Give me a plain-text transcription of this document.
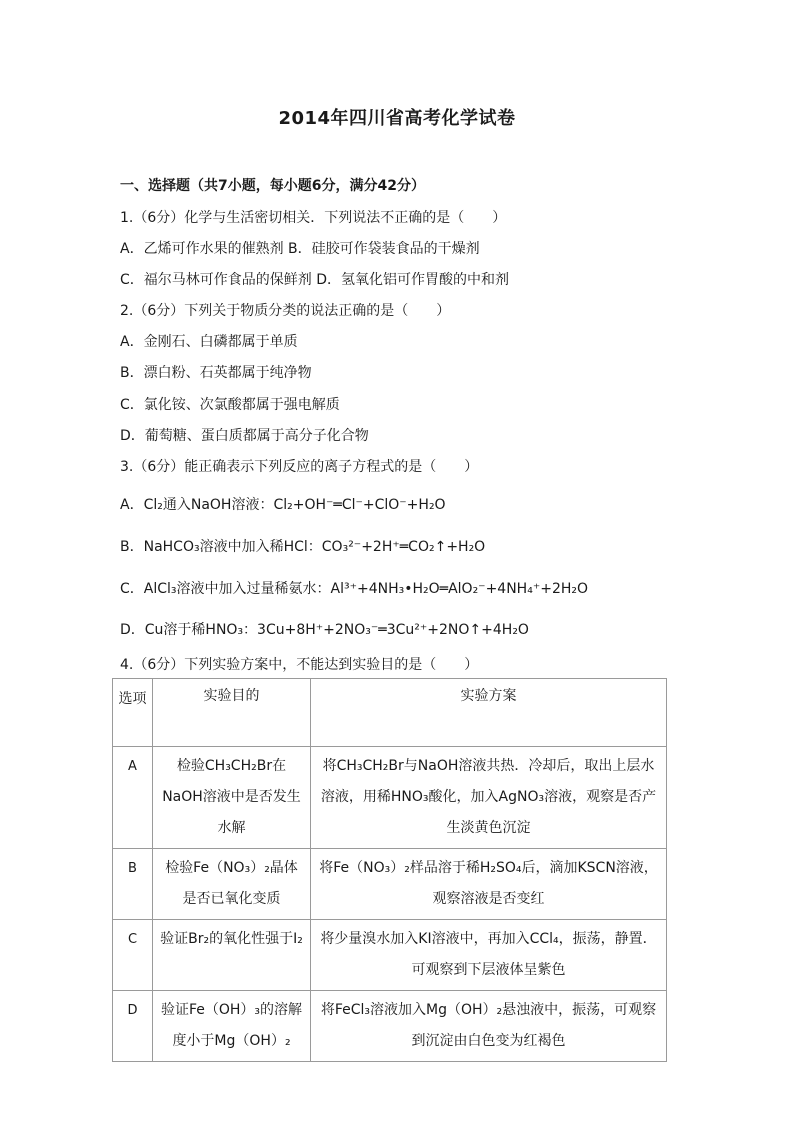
2014年四川省高考化学试卷
一、选择题（共7小题，每小题6分，满分42分）
1.（6分）化学与生活密切相关．下列说法不正确的是（　　）
A．乙烯可作水果的催熟剂 B．硅胶可作袋装食品的干燥剂
C．福尔马林可作食品的保鲜剂 D．氢氧化铝可作胃酸的中和剂
2.（6分）下列关于物质分类的说法正确的是（　　）
A．金刚石、白磷都属于单质
B．漂白粉、石英都属于纯净物
C．氯化铵、次氯酸都属于强电解质
D．葡萄糖、蛋白质都属于高分子化合物
3.（6分）能正确表示下列反应的离子方程式的是（　　）
A．Cl₂通入NaOH溶液：Cl₂+OH⁻═Cl⁻+ClO⁻+H₂O
B．NaHCO₃溶液中加入稀HCl：CO₃²⁻+2H⁺═CO₂↑+H₂O
C．AlCl₃溶液中加入过量稀氨水：Al³⁺+4NH₃•H₂O═AlO₂⁻+4NH₄⁺+2H₂O
D．Cu溶于稀HNO₃：3Cu+8H⁺+2NO₃⁻═3Cu²⁺+2NO↑+4H₂O
4.（6分）下列实验方案中，不能达到实验目的是（　　）
选项	实验目的	实验方案
A	检验CH₃CH₂Br在NaOH溶液中是否发生水解	将CH₃CH₂Br与NaOH溶液共热．冷却后，取出上层水溶液，用稀HNO₃酸化，加入AgNO₃溶液，观察是否产生淡黄色沉淀
B	检验Fe（NO₃）₂晶体是否已氧化变质	将Fe（NO₃）₂样品溶于稀H₂SO₄后，滴加KSCN溶液，观察溶液是否变红
C	验证Br₂的氧化性强于I₂	将少量溴水加入KI溶液中，再加入CCl₄，振荡，静置．可观察到下层液体呈紫色
D	验证Fe（OH）₃的溶解度小于Mg（OH）₂	将FeCl₃溶液加入Mg（OH）₂悬浊液中，振荡，可观察到沉淀由白色变为红褐色
